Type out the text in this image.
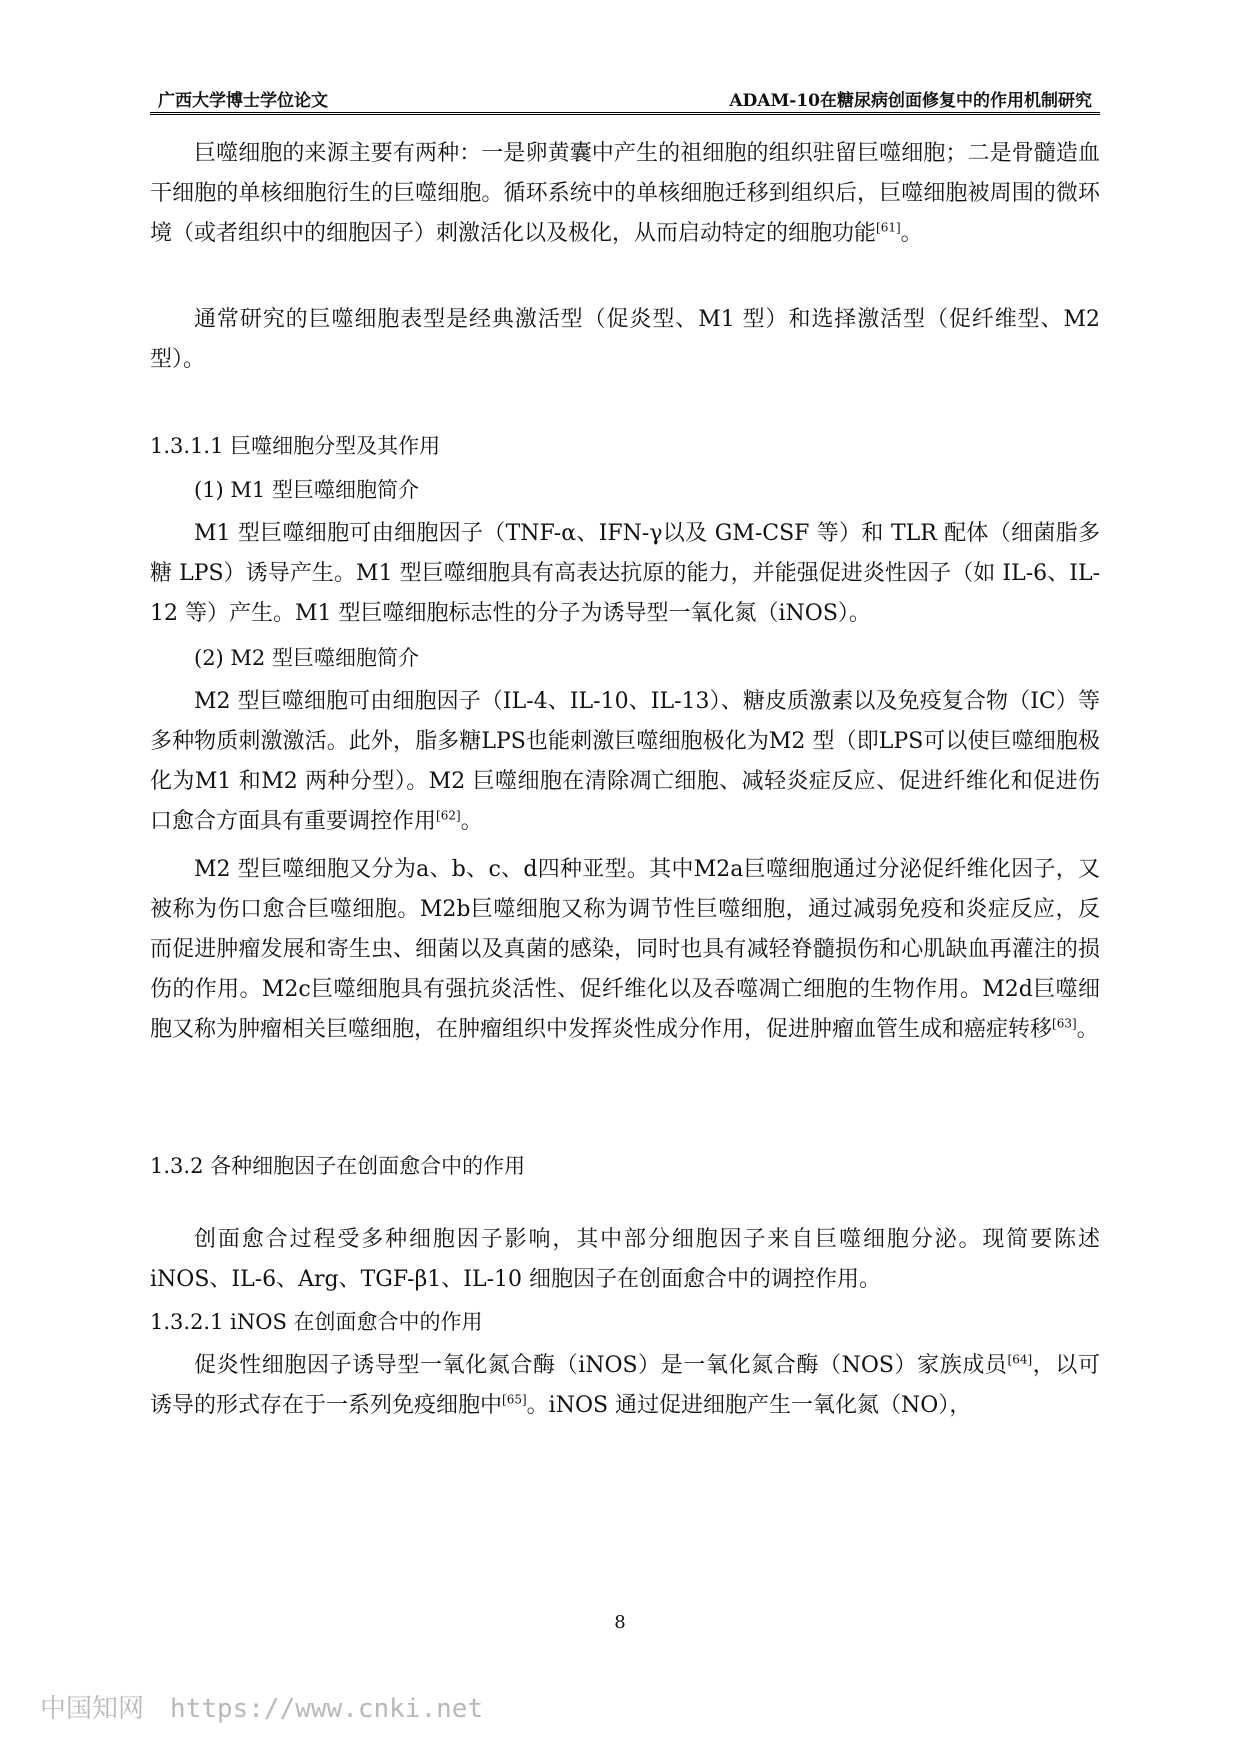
广西大学博士学位论文	ADAM-10在糖尿病创面修复中的作用机制研究
巨噬细胞的来源主要有两种：一是卵黄囊中产生的祖细胞的组织驻留巨噬细胞；二是骨髓造血干细胞的单核细胞衍生的巨噬细胞。循环系统中的单核细胞迁移到组织后，巨噬细胞被周围的微环境（或者组织中的细胞因子）刺激活化以及极化，从而启动特定的细胞功能[61]。
通常研究的巨噬细胞表型是经典激活型（促炎型、M1 型）和选择激活型（促纤维型、M2 型）。
1.3.1.1 巨噬细胞分型及其作用
(1) M1 型巨噬细胞简介
M1 型巨噬细胞可由细胞因子（TNF-α、IFN-γ以及 GM-CSF 等）和 TLR 配体（细菌脂多糖 LPS）诱导产生。M1 型巨噬细胞具有高表达抗原的能力，并能强促进炎性因子（如 IL-6、IL-12 等）产生。M1 型巨噬细胞标志性的分子为诱导型一氧化氮（iNOS）。
(2) M2 型巨噬细胞简介
M2 型巨噬细胞可由细胞因子（IL-4、IL-10、IL-13）、糖皮质激素以及免疫复合物（IC）等多种物质刺激激活。此外，脂多糖LPS也能刺激巨噬细胞极化为M2 型（即LPS可以使巨噬细胞极化为M1 和M2 两种分型）。M2 巨噬细胞在清除凋亡细胞、减轻炎症反应、促进纤维化和促进伤口愈合方面具有重要调控作用[62]。
M2 型巨噬细胞又分为a、b、c、d四种亚型。其中M2a巨噬细胞通过分泌促纤维化因子，又被称为伤口愈合巨噬细胞。M2b巨噬细胞又称为调节性巨噬细胞，通过减弱免疫和炎症反应，反而促进肿瘤发展和寄生虫、细菌以及真菌的感染，同时也具有减轻脊髓损伤和心肌缺血再灌注的损伤的作用。M2c巨噬细胞具有强抗炎活性、促纤维化以及吞噬凋亡细胞的生物作用。M2d巨噬细胞又称为肿瘤相关巨噬细胞，在肿瘤组织中发挥炎性成分作用，促进肿瘤血管生成和癌症转移[63]。
1.3.2 各种细胞因子在创面愈合中的作用
创面愈合过程受多种细胞因子影响，其中部分细胞因子来自巨噬细胞分泌。现简要陈述 iNOS、IL-6、Arg、TGF-β1、IL-10 细胞因子在创面愈合中的调控作用。
1.3.2.1 iNOS 在创面愈合中的作用
促炎性细胞因子诱导型一氧化氮合酶（iNOS）是一氧化氮合酶（NOS）家族成员[64]，以可诱导的形式存在于一系列免疫细胞中[65]。iNOS 通过促进细胞产生一氧化氮（NO），
8
中国知网 https://www.cnki.net
